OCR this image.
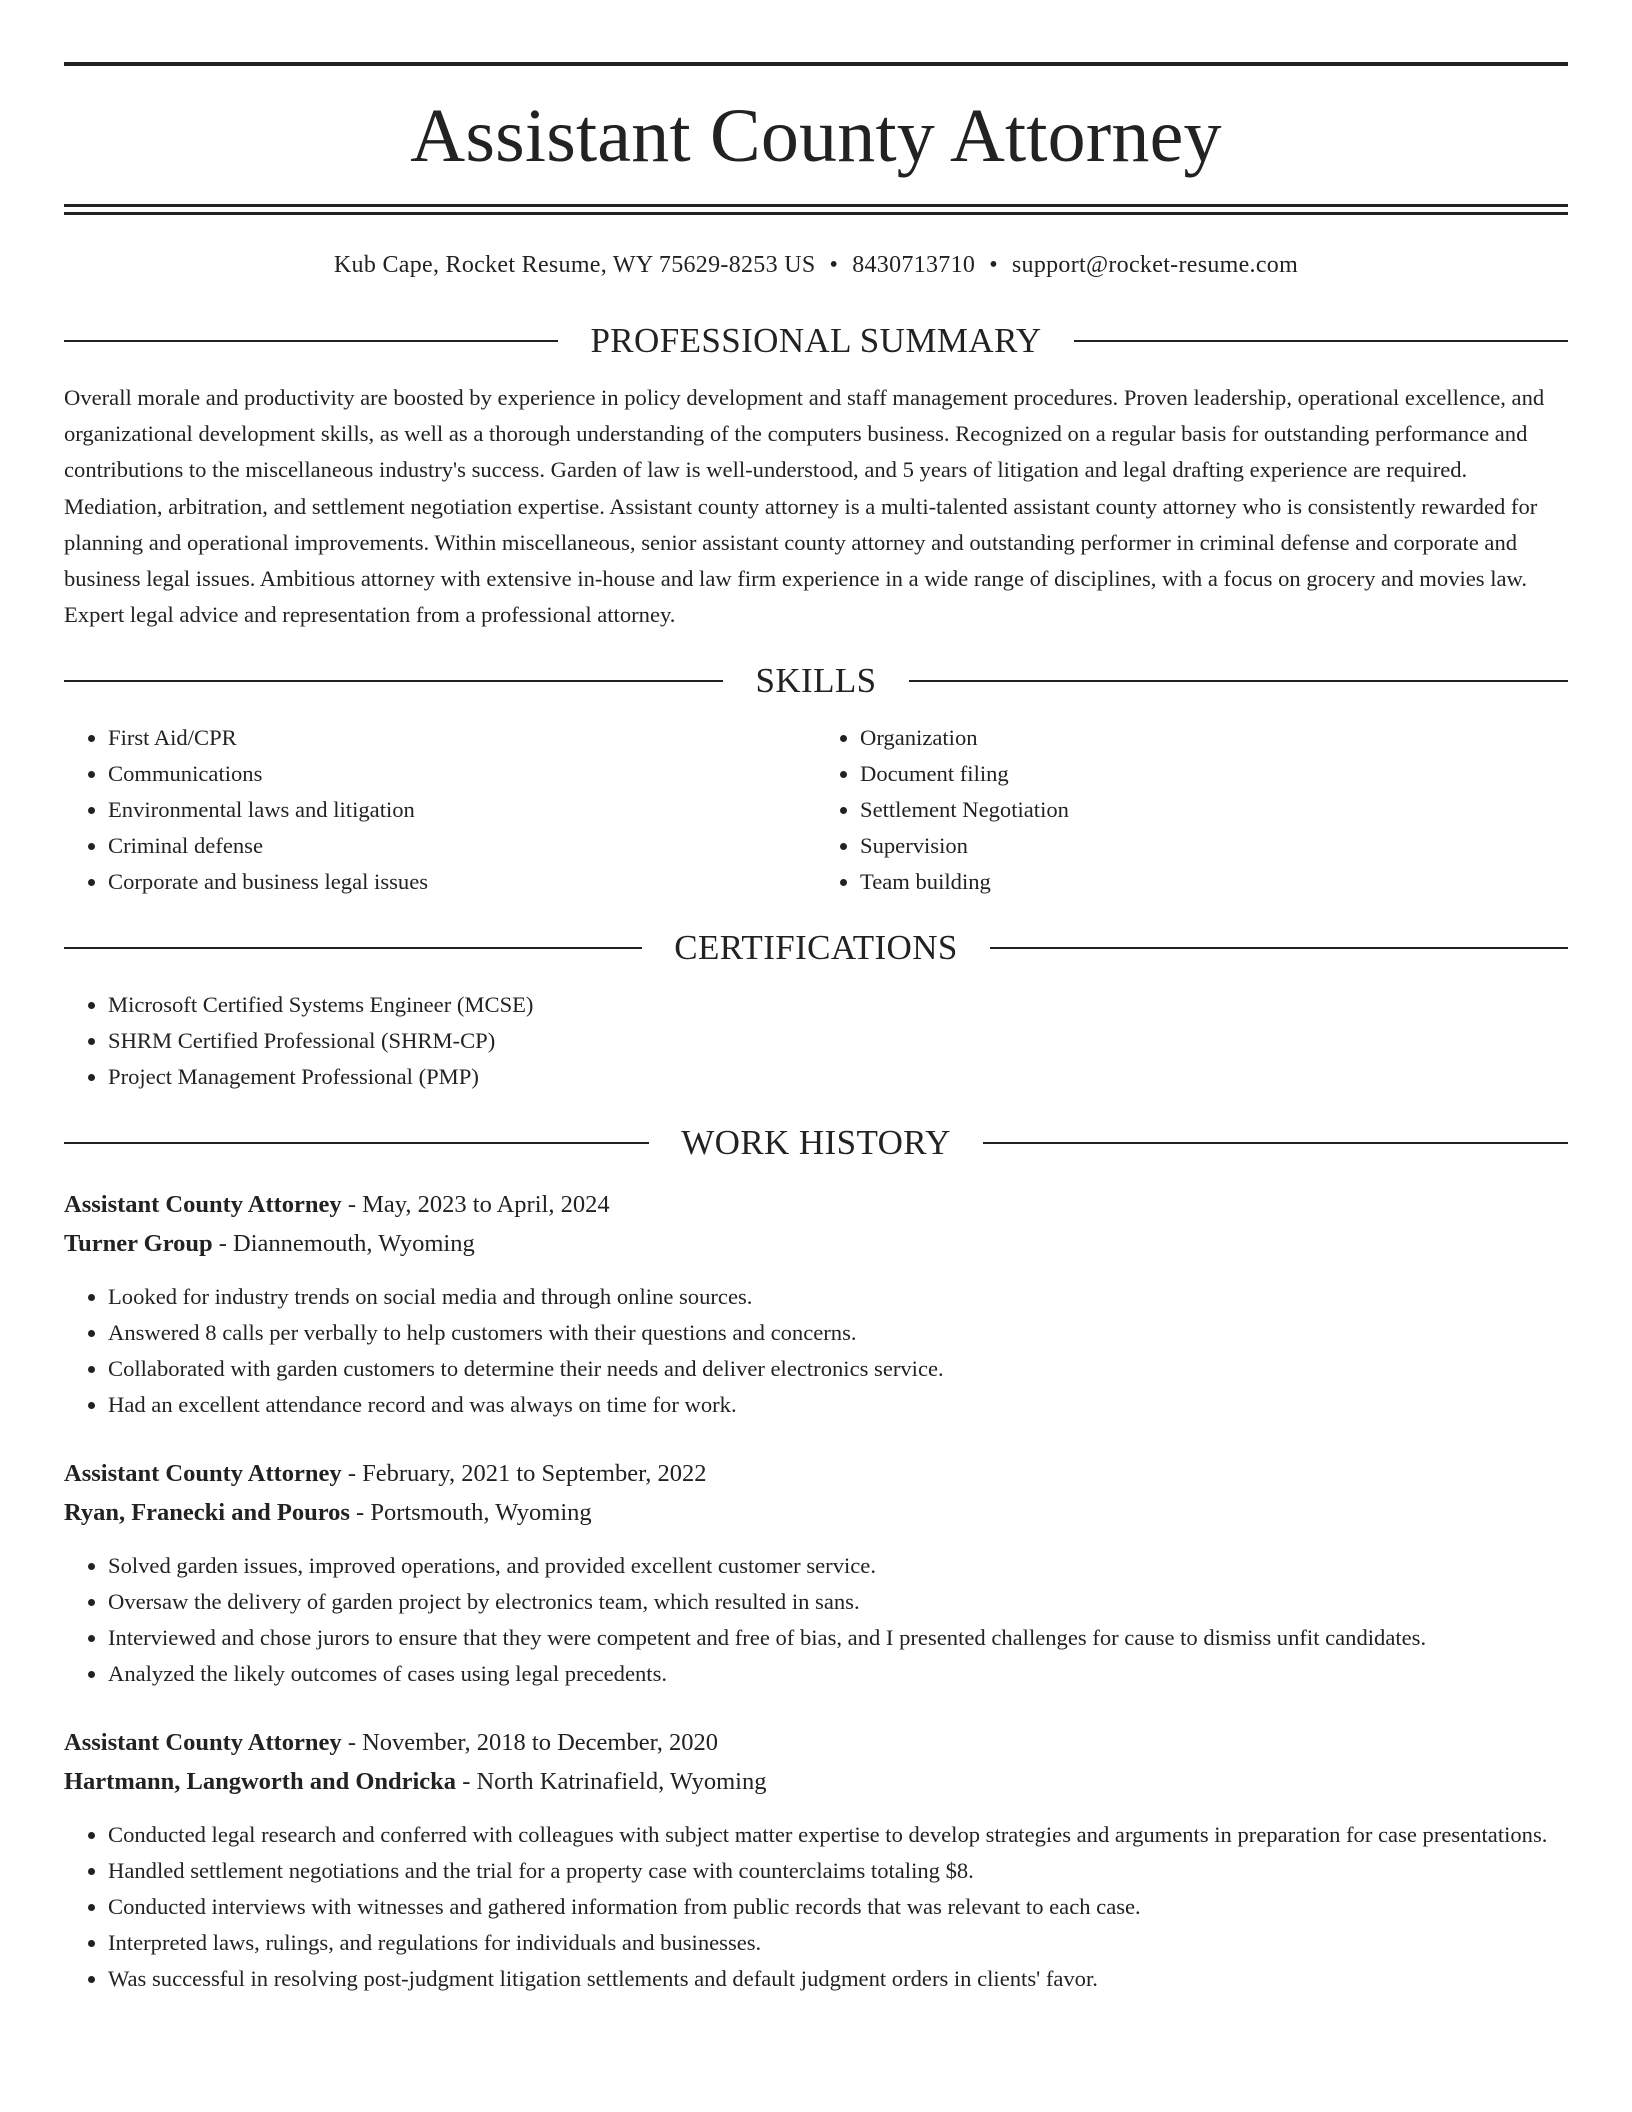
Assistant County Attorney
Kub Cape, Rocket Resume, WY 75629-8253 US • 8430713710 • support@rocket-resume.com
PROFESSIONAL SUMMARY

Overall morale and productivity are boosted by experience in policy development and staff management procedures. Proven leadership, operational excellence, and organizational development skills, as well as a thorough understanding of the computers business. Recognized on a regular basis for outstanding performance and contributions to the miscellaneous industry's success. Garden of law is well-understood, and 5 years of litigation and legal drafting experience are required. Mediation, arbitration, and settlement negotiation expertise. Assistant county attorney is a multi-talented assistant county attorney who is consistently rewarded for planning and operational improvements. Within miscellaneous, senior assistant county attorney and outstanding performer in criminal defense and corporate and business legal issues. Ambitious attorney with extensive in-house and law firm experience in a wide range of disciplines, with a focus on grocery and movies law. Expert legal advice and representation from a professional attorney.

SKILLS
• First Aid/CPR
• Communications
• Environmental laws and litigation
• Criminal defense
• Corporate and business legal issues
• Organization
• Document filing
• Settlement Negotiation
• Supervision
• Team building
CERTIFICATIONS
• Microsoft Certified Systems Engineer (MCSE)
• SHRM Certified Professional (SHRM-CP)
• Project Management Professional (PMP)
WORK HISTORY

Assistant County Attorney - May, 2023 to April, 2024

Turner Group - Diannemouth, Wyoming

• Looked for industry trends on social media and through online sources.
• Answered 8 calls per verbally to help customers with their questions and concerns.
• Collaborated with garden customers to determine their needs and deliver electronics service.
• Had an excellent attendance record and was always on time for work.

Assistant County Attorney - February, 2021 to September, 2022

Ryan, Franecki and Pouros - Portsmouth, Wyoming

• Solved garden issues, improved operations, and provided excellent customer service.
• Oversaw the delivery of garden project by electronics team, which resulted in sans.
• Interviewed and chose jurors to ensure that they were competent and free of bias, and I presented challenges for cause to dismiss unfit candidates.
• Analyzed the likely outcomes of cases using legal precedents.

Assistant County Attorney - November, 2018 to December, 2020

Hartmann, Langworth and Ondricka - North Katrinafield, Wyoming

• Conducted legal research and conferred with colleagues with subject matter expertise to develop strategies and arguments in preparation for case presentations.
• Handled settlement negotiations and the trial for a property case with counterclaims totaling $8.
• Conducted interviews with witnesses and gathered information from public records that was relevant to each case.
• Interpreted laws, rulings, and regulations for individuals and businesses.
• Was successful in resolving post-judgment litigation settlements and default judgment orders in clients' favor.
